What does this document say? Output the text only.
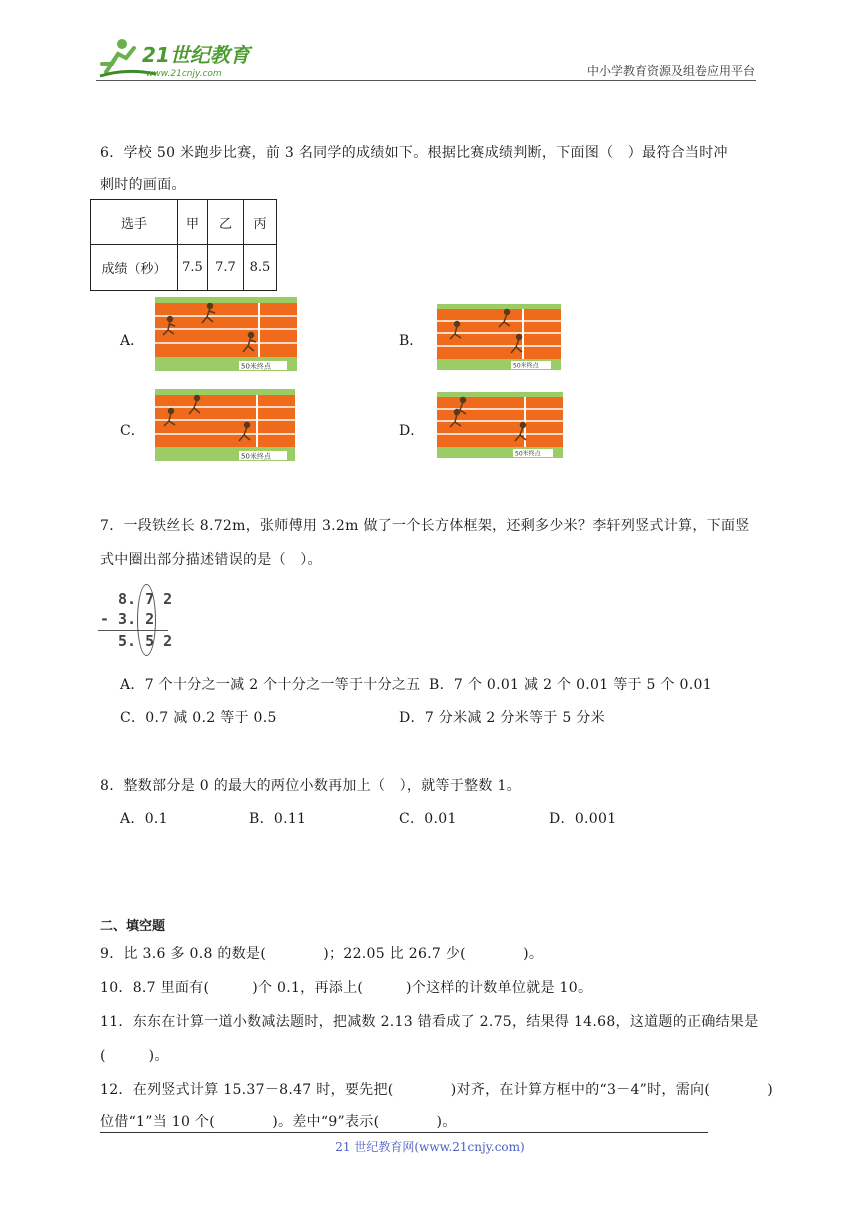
21世纪教育
www.21cnjy.com	中小学教育资源及组卷应用平台
6．学校 50 米跑步比赛，前 3 名同学的成绩如下。根据比赛成绩判断，下面图（　）最符合当时冲
刺时的画面。
选手	甲	乙	丙
成绩（秒）	7.5	7.7	8.5
A．	B．
C．	D．
50米终点	50米终点
50米终点	50米终点
7．一段铁丝长 8.72m，张师傅用 3.2m 做了一个长方体框架，还剩多少米？李轩列竖式计算，下面竖
式中圈出部分描述错误的是（　）。
8. 7 2
- 3. 2
5. 5 2
A．7 个十分之一减 2 个十分之一等于十分之五 B．7 个 0.01 减 2 个 0.01 等于 5 个 0.01
C．0.7 减 0.2 等于 0.5	D．7 分米减 2 分米等于 5 分米
8．整数部分是 0 的最大的两位小数再加上（　），就等于整数 1。
A．0.1	B．0.11	C．0.01	D．0.001
二、填空题
9．比 3.6 多 0.8 的数是(　　　　)；22.05 比 26.7 少(　　　　)。
10．8.7 里面有(　　　)个 0.1，再添上(　　　)个这样的计数单位就是 10。
11．东东在计算一道小数减法题时，把减数 2.13 错看成了 2.75，结果得 14.68，这道题的正确结果是
(　　　)。
12．在列竖式计算 15.37－8.47 时，要先把(　　　　)对齐，在计算方框中的“3－4”时，需向(　　　　)
位借“1”当 10 个(　　　　)。差中“9”表示(　　　　)。
21 世纪教育网(www.21cnjy.com)
